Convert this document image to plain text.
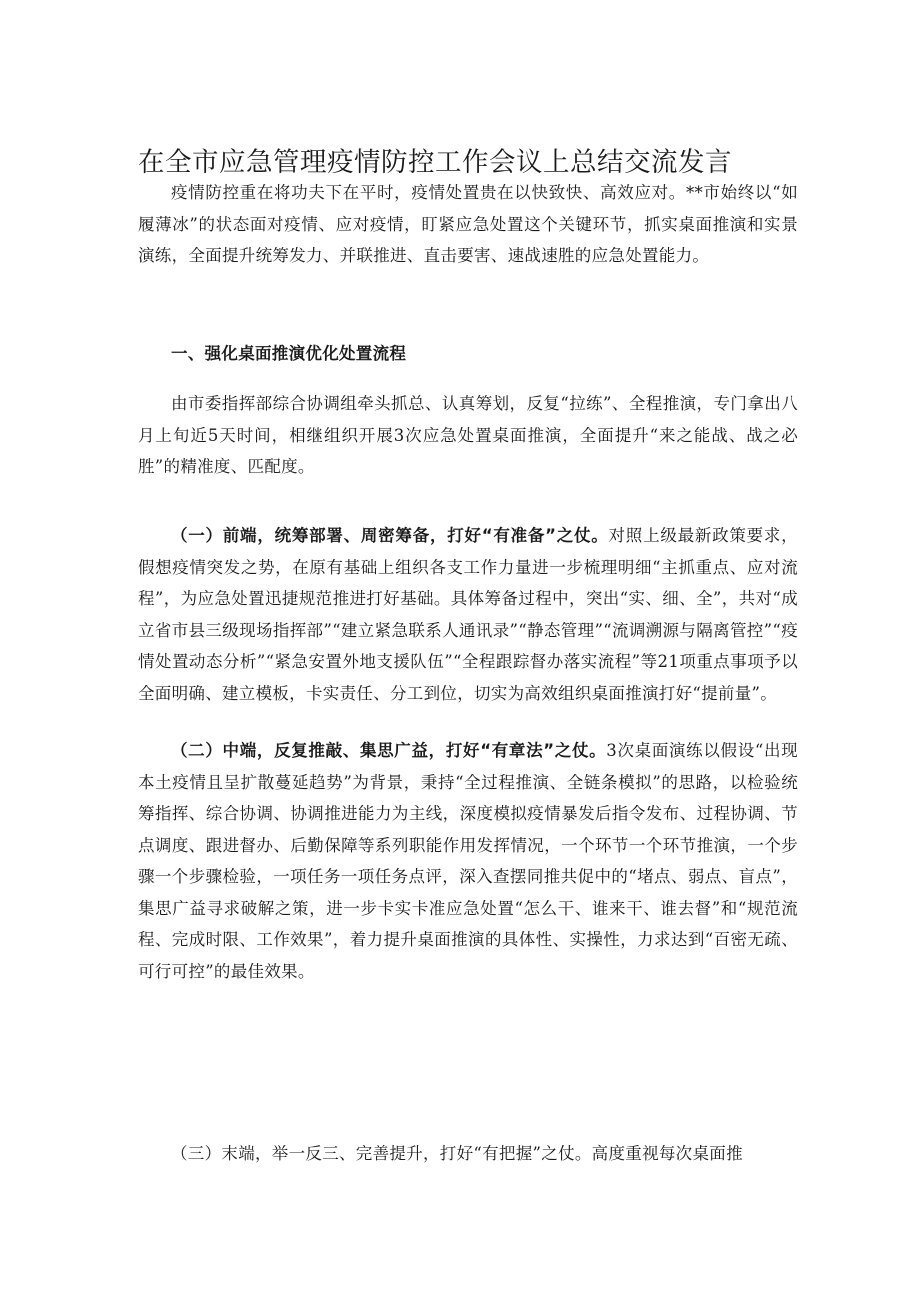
在全市应急管理疫情防控工作会议上总结交流发言

疫情防控重在将功夫下在平时，疫情处置贵在以快致快、高效应对。**市始终以“如履薄冰”的状态面对疫情、应对疫情，盯紧应急处置这个关键环节，抓实桌面推演和实景演练，全面提升统筹发力、并联推进、直击要害、速战速胜的应急处置能力。

一、强化桌面推演优化处置流程

由市委指挥部综合协调组牵头抓总、认真筹划，反复“拉练”、全程推演，专门拿出八月上旬近5天时间，相继组织开展3次应急处置桌面推演，全面提升“来之能战、战之必胜”的精准度、匹配度。

（一）前端，统筹部署、周密筹备，打好“有准备”之仗。对照上级最新政策要求，假想疫情突发之势，在原有基础上组织各支工作力量进一步梳理明细“主抓重点、应对流程”，为应急处置迅捷规范推进打好基础。具体筹备过程中，突出“实、细、全”，共对“成立省市县三级现场指挥部”“建立紧急联系人通讯录”“静态管理”“流调溯源与隔离管控”“疫情处置动态分析”“紧急安置外地支援队伍”“全程跟踪督办落实流程”等21项重点事项予以全面明确、建立模板，卡实责任、分工到位，切实为高效组织桌面推演打好“提前量”。

（二）中端，反复推敲、集思广益，打好“有章法”之仗。3次桌面演练以假设“出现本土疫情且呈扩散蔓延趋势”为背景，秉持“全过程推演、全链条模拟”的思路，以检验统筹指挥、综合协调、协调推进能力为主线，深度模拟疫情暴发后指令发布、过程协调、节点调度、跟进督办、后勤保障等系列职能作用发挥情况，一个环节一个环节推演，一个步骤一个步骤检验，一项任务一项任务点评，深入查摆同推共促中的“堵点、弱点、盲点”，集思广益寻求破解之策，进一步卡实卡准应急处置“怎么干、谁来干、谁去督”和“规范流程、完成时限、工作效果”，着力提升桌面推演的具体性、实操性，力求达到“百密无疏、可行可控”的最佳效果。

（三）末端，举一反三、完善提升，打好“有把握”之仗。高度重视每次桌面推
